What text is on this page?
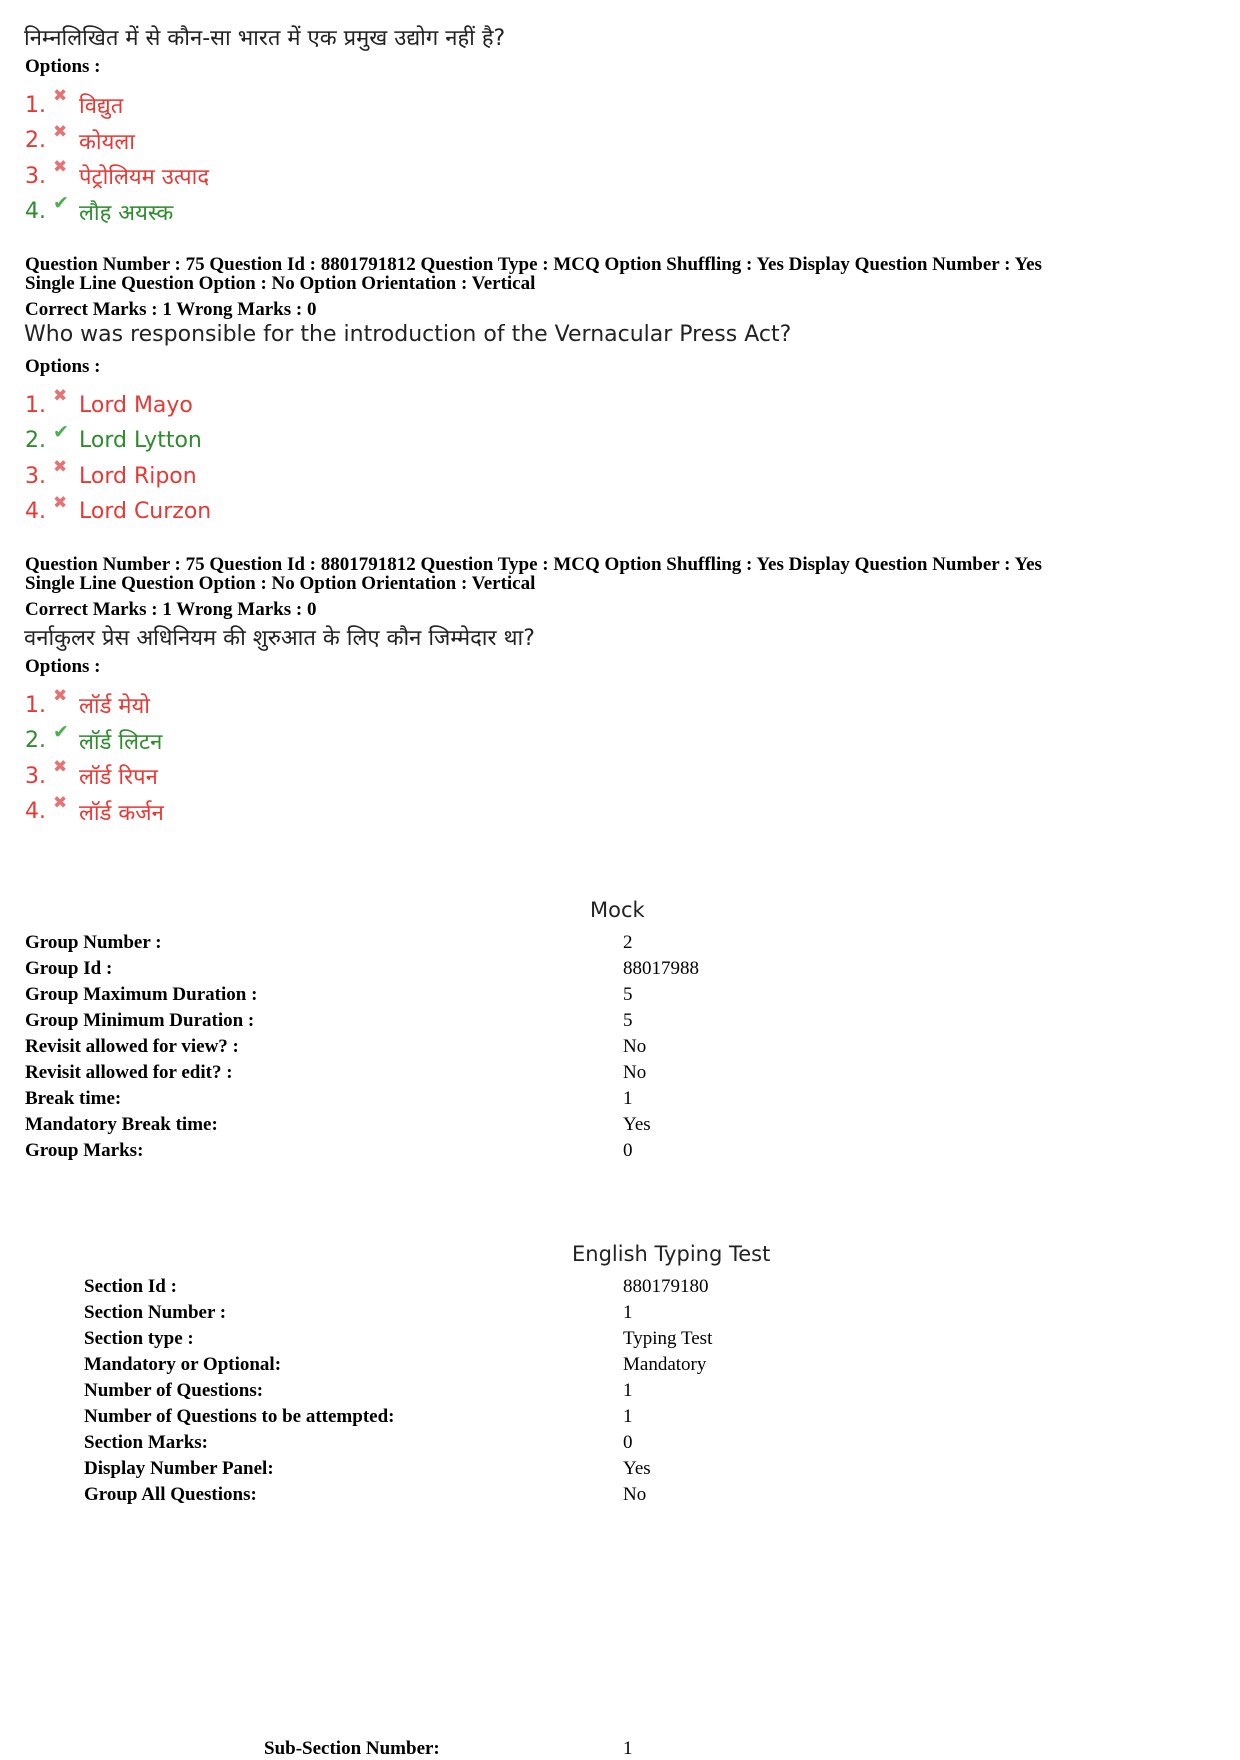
निम्नलिखित में से कौन-सा भारत में एक प्रमुख उद्योग नहीं है?
Options :
1. ✖ विद्युत
2. ✖ कोयला
3. ✖ पेट्रोलियम उत्पाद
4. ✔ लौह अयस्क
Question Number : 75 Question Id : 8801791812 Question Type : MCQ Option Shuffling : Yes Display Question Number : Yes
Single Line Question Option : No Option Orientation : Vertical
Correct Marks : 1 Wrong Marks : 0
Who was responsible for the introduction of the Vernacular Press Act?
Options :
1. ✖ Lord Mayo
2. ✔ Lord Lytton
3. ✖ Lord Ripon
4. ✖ Lord Curzon
Question Number : 75 Question Id : 8801791812 Question Type : MCQ Option Shuffling : Yes Display Question Number : Yes
Single Line Question Option : No Option Orientation : Vertical
Correct Marks : 1 Wrong Marks : 0
वर्नाकुलर प्रेस अधिनियम की शुरुआत के लिए कौन जिम्मेदार था?
Options :
1. ✖ लॉर्ड मेयो
2. ✔ लॉर्ड लिटन
3. ✖ लॉर्ड रिपन
4. ✖ लॉर्ड कर्जन
Mock
Group Number :	2
Group Id :	88017988
Group Maximum Duration :	5
Group Minimum Duration :	5
Revisit allowed for view? :	No
Revisit allowed for edit? :	No
Break time:	1
Mandatory Break time:	Yes
Group Marks:	0
English Typing Test
Section Id :	880179180
Section Number :	1
Section type :	Typing Test
Mandatory or Optional:	Mandatory
Number of Questions:	1
Number of Questions to be attempted:	1
Section Marks:	0
Display Number Panel:	Yes
Group All Questions:	No
Sub-Section Number:	1
